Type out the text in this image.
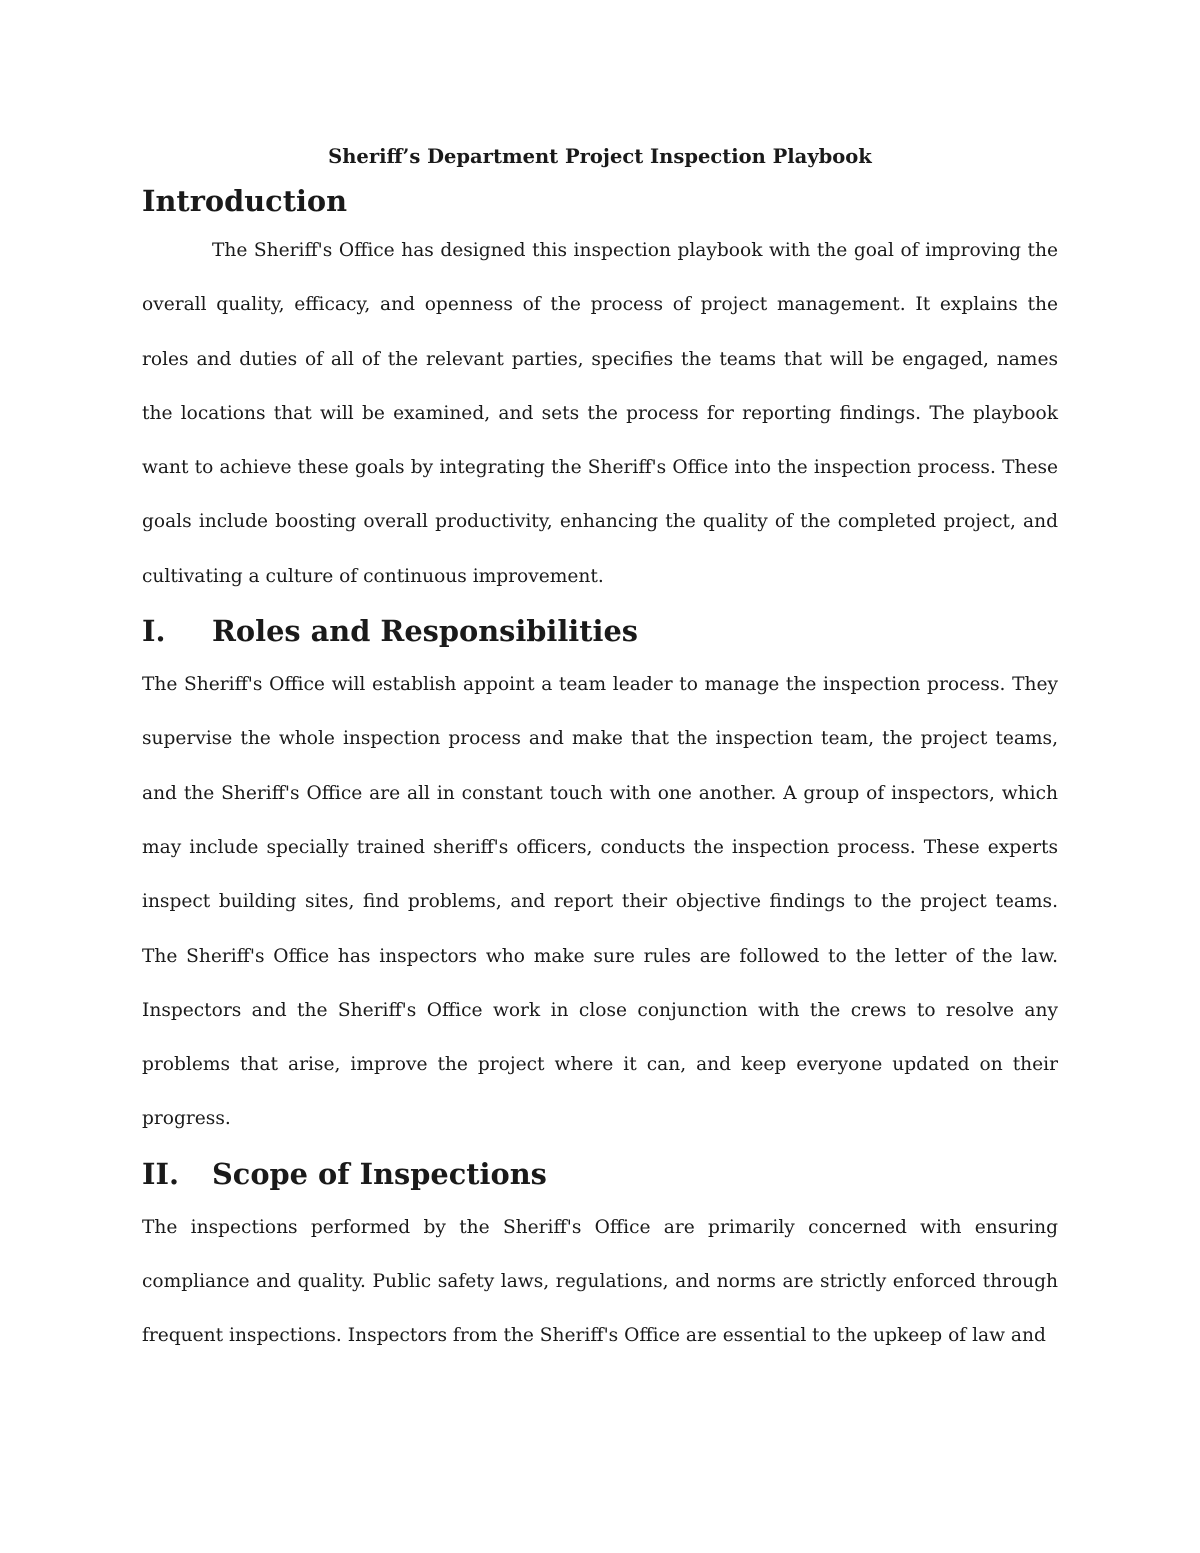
Sheriff’s Department Project Inspection Playbook
Introduction

The Sheriff's Office has designed this inspection playbook with the goal of improving the overall quality, efficacy, and openness of the process of project management. It explains the roles and duties of all of the relevant parties, specifies the teams that will be engaged, names the locations that will be examined, and sets the process for reporting findings. The playbook want to achieve these goals by integrating the Sheriff's Office into the inspection process. These goals include boosting overall productivity, enhancing the quality of the completed project, and cultivating a culture of continuous improvement.

I. Roles and Responsibilities

The Sheriff's Office will establish appoint a team leader to manage the inspection process. They supervise the whole inspection process and make that the inspection team, the project teams, and the Sheriff's Office are all in constant touch with one another. A group of inspectors, which may include specially trained sheriff's officers, conducts the inspection process. These experts inspect building sites, find problems, and report their objective findings to the project teams. The Sheriff's Office has inspectors who make sure rules are followed to the letter of the law. Inspectors and the Sheriff's Office work in close conjunction with the crews to resolve any problems that arise, improve the project where it can, and keep everyone updated on their progress.

II. Scope of Inspections

The inspections performed by the Sheriff's Office are primarily concerned with ensuring compliance and quality. Public safety laws, regulations, and norms are strictly enforced through frequent inspections. Inspectors from the Sheriff's Office are essential to the upkeep of law and
